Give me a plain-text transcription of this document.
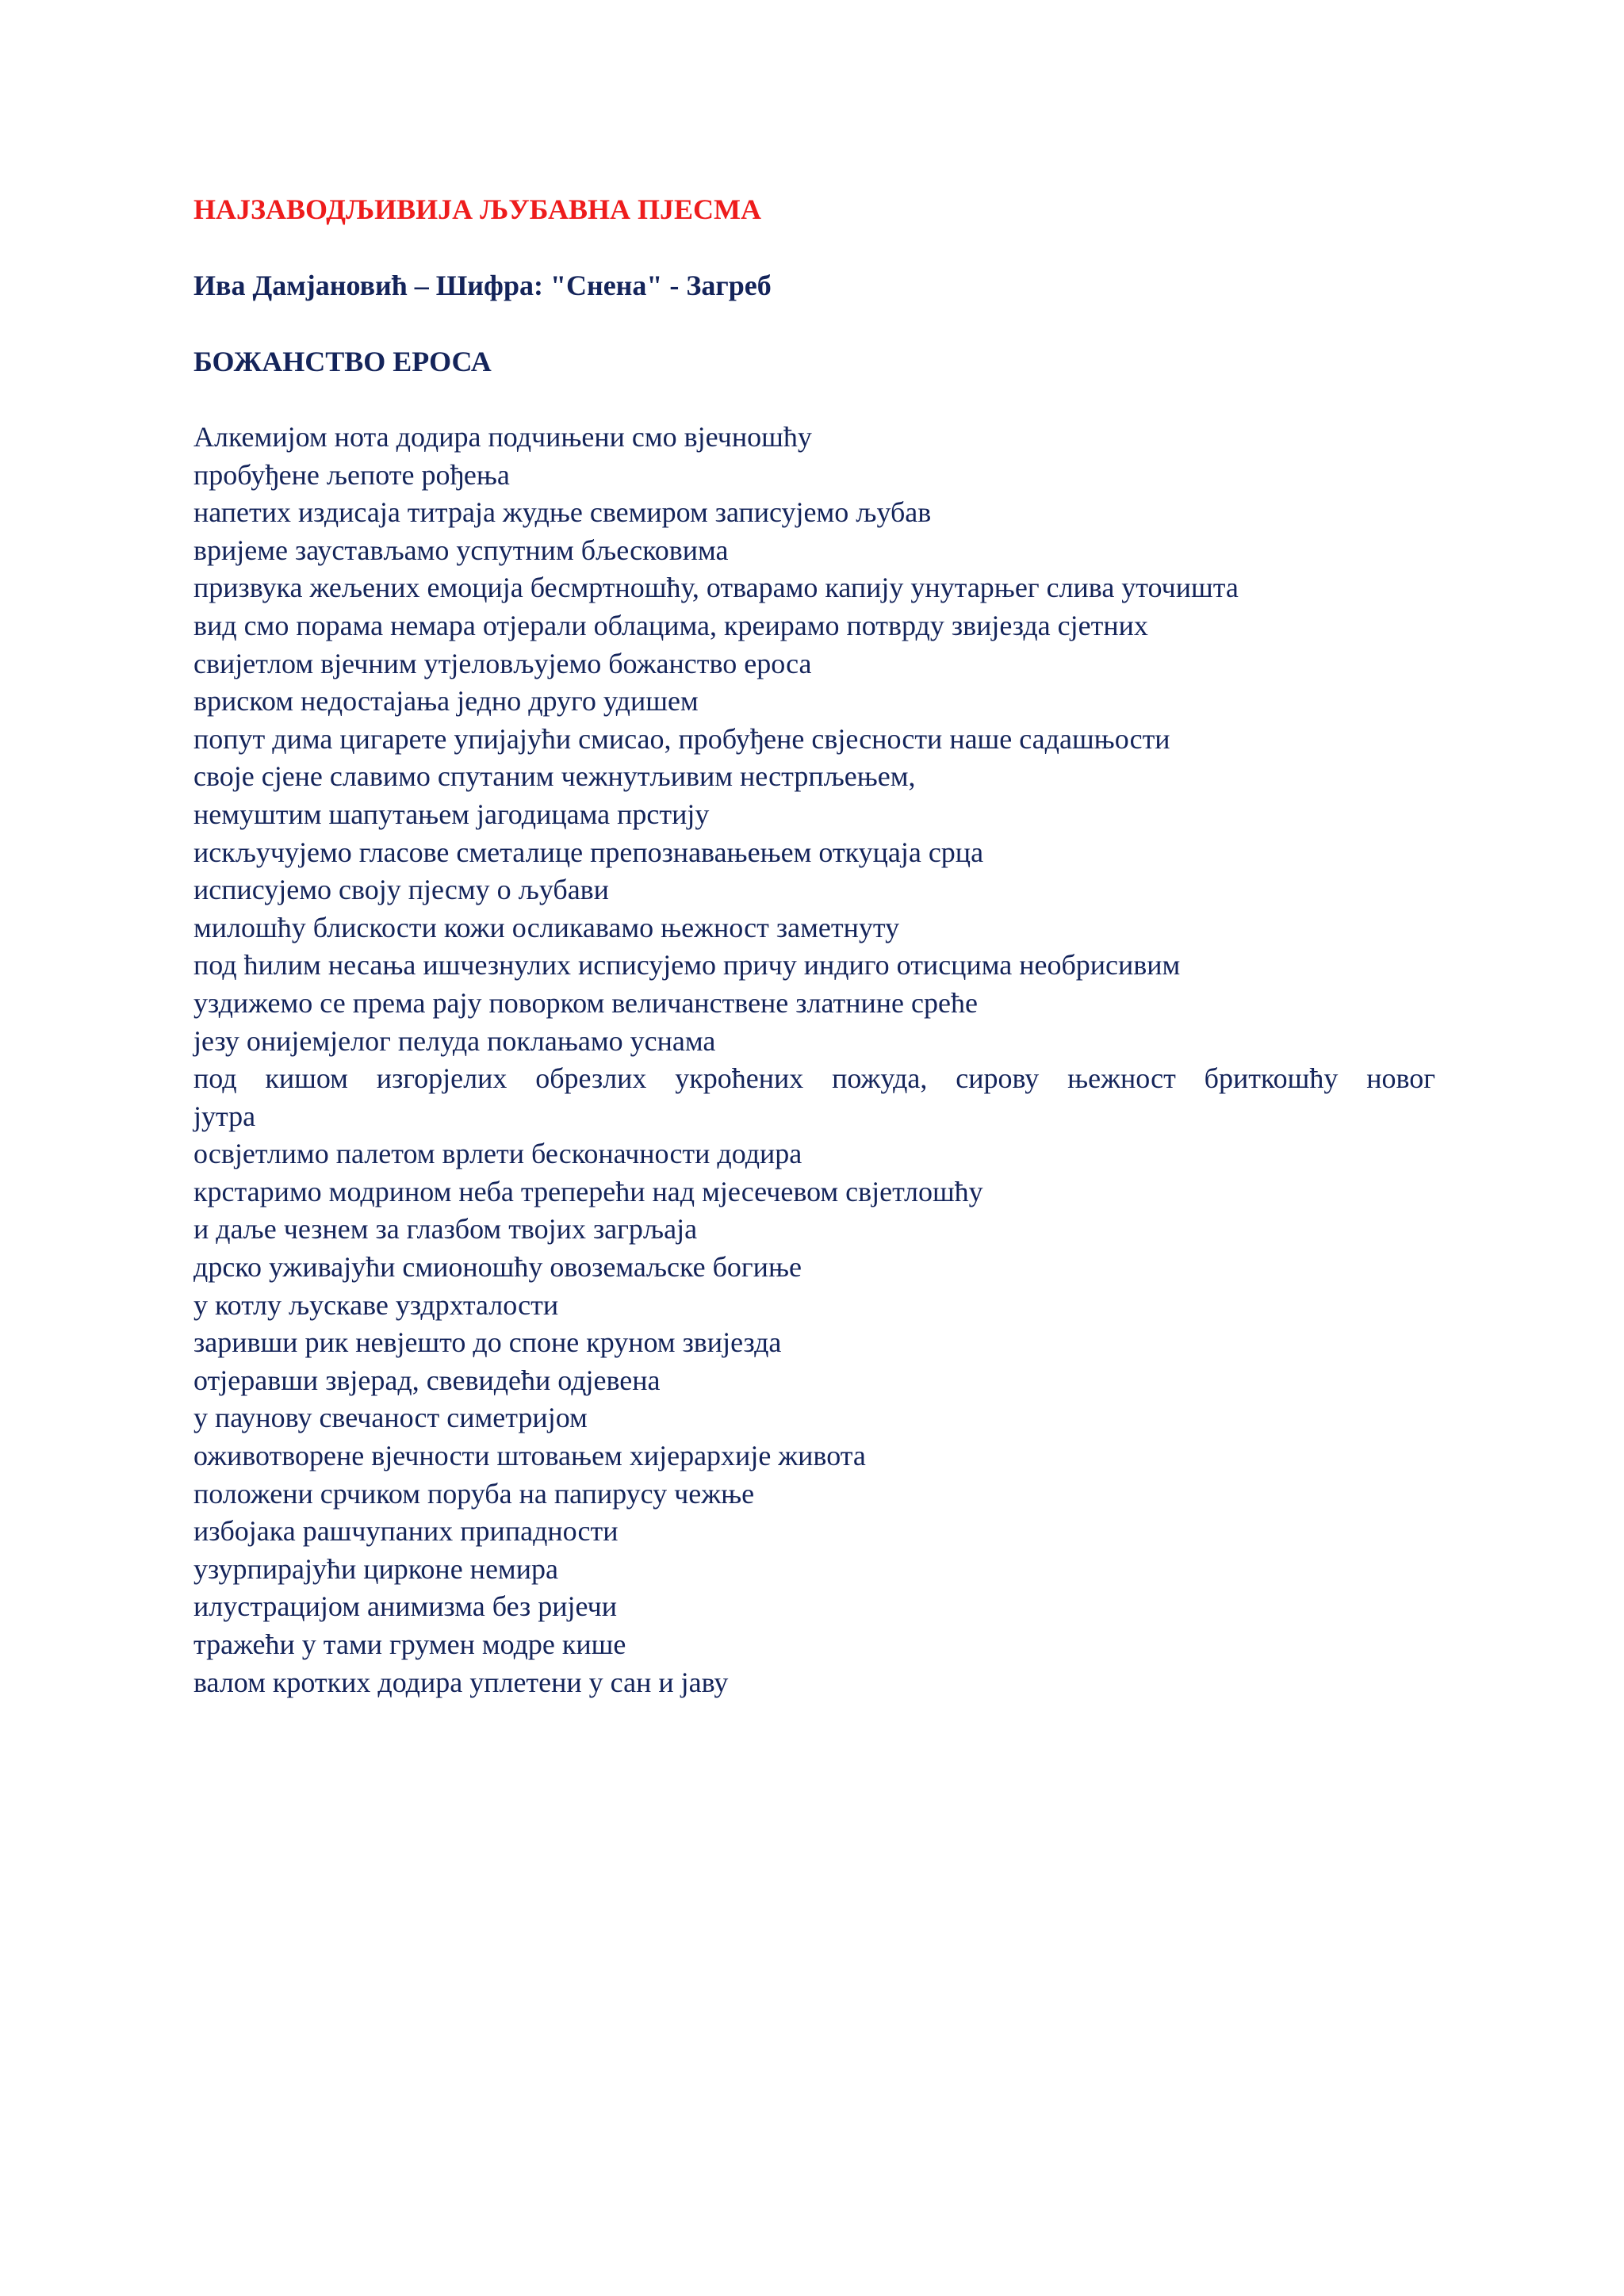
НАЈЗАВОДЉИВИЈА ЉУБАВНА ПЈЕСМА
Ива Дамјановић – Шифра: "Снена" - Загреб
БОЖАНСТВО ЕРОСА
Алкемијом нота додира подчињени смо вјечношћу
пробуђене љепоте рођења
напетих издисаја титраја жудње свемиром записујемо љубав
вријеме заустављамо успутним бљесковима
призвука жељених емоција бесмртношћу, отварамо капију унутарњег слива уточишта
вид смо порама немара отјерали облацима, креирамо потврду звијезда сјетних
свијетлом вјечним утјеловљујемо божанство ероса
вриском недостајања једно друго удишем
попут дима цигарете упијајући смисао, пробуђене свјесности наше садашњости
своје сјене славимо спутаним чежнутљивим нестрпљењем,
немуштим шапутањем јагодицама прстију
искључујемо гласове сметалице препознавањењем откуцаја срца
исписујемо своју пјесму о љубави
милошћу блискости кожи осликавамо њежност заметнуту
под ћилим несања ишчезнулих исписујемо причу индиго отисцима необрисивим
уздижемо се према рају поворком величанствене златнине среће
језу онијемјелог пелуда поклањамо уснама
под кишом изгорјелих обрезлих укроћених пожуда, сирову њежност бриткошћу новог
јутра
освјетлимо палетом врлети бесконачности додира
крстаримо модрином неба треперећи над мјесечевом свјетлошћу
и даље чезнем за глазбом твојих загрљаја
дрско уживајући смионошћу овоземаљске богиње
у котлу љускаве уздрхталости
заривши рик невјешто до споне круном звијезда
отјеравши звјерад, свевидећи одјевена
у паунову свечаност симетријом
оживотворене вјечности штовањем хијерархије живота
положени срчиком поруба на папирусу чежње
избојака рашчупаних припадности
узурпирајући цирконе немира
илустрацијом анимизма без ријечи
тражећи у тами грумен модре кише
валом кротких додира уплетени у сан и јаву
